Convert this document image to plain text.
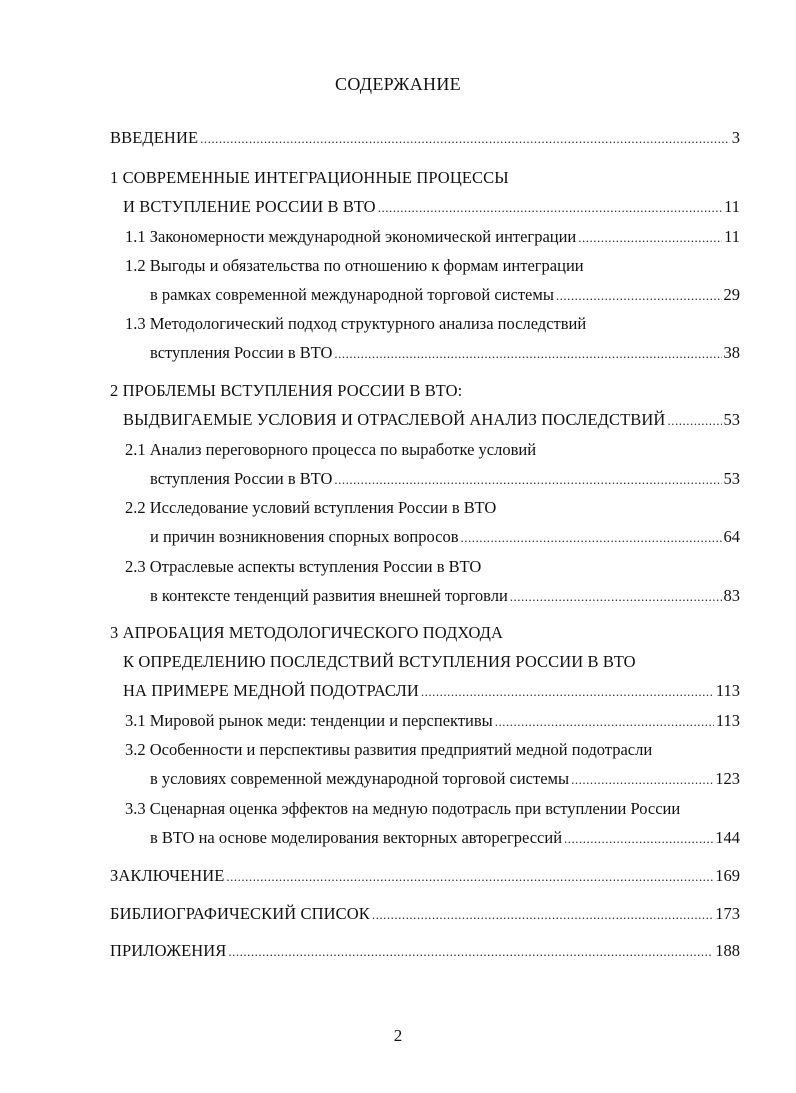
СОДЕРЖАНИЕ
ВВЕДЕНИЕ .....	3
1 СОВРЕМЕННЫЕ ИНТЕГРАЦИОННЫЕ ПРОЦЕССЫ
И ВСТУПЛЕНИЕ РОССИИ В ВТО .....	11
1.1 Закономерности международной экономической интеграции .....	11
1.2 Выгоды и обязательства по отношению к формам интеграции
в рамках современной международной торговой системы .....	29
1.3 Методологический подход структурного анализа последствий
вступления России в ВТО .....	38
2 ПРОБЛЕМЫ ВСТУПЛЕНИЯ РОССИИ В ВТО:
ВЫДВИГАЕМЫЕ УСЛОВИЯ И ОТРАСЛЕВОЙ АНАЛИЗ ПОСЛЕДСТВИЙ .....	53
2.1 Анализ переговорного процесса по выработке условий
вступления России в ВТО .....	53
2.2 Исследование условий вступления России в ВТО
и причин возникновения спорных вопросов .....	64
2.3 Отраслевые аспекты вступления России в ВТО
в контексте тенденций развития внешней торговли .....	83
3 АПРОБАЦИЯ МЕТОДОЛОГИЧЕСКОГО ПОДХОДА
К ОПРЕДЕЛЕНИЮ ПОСЛЕДСТВИЙ ВСТУПЛЕНИЯ РОССИИ В ВТО
НА ПРИМЕРЕ МЕДНОЙ ПОДОТРАСЛИ .....	113
3.1 Мировой рынок меди: тенденции и перспективы .....	113
3.2 Особенности и перспективы развития предприятий медной подотрасли
в условиях современной международной торговой системы .....	123
3.3 Сценарная оценка эффектов на медную подотрасль при вступлении России
в ВТО на основе моделирования векторных авторегрессий .....	144
ЗАКЛЮЧЕНИЕ .....	169
БИБЛИОГРАФИЧЕСКИЙ СПИСОК .....	173
ПРИЛОЖЕНИЯ .....	188
2
